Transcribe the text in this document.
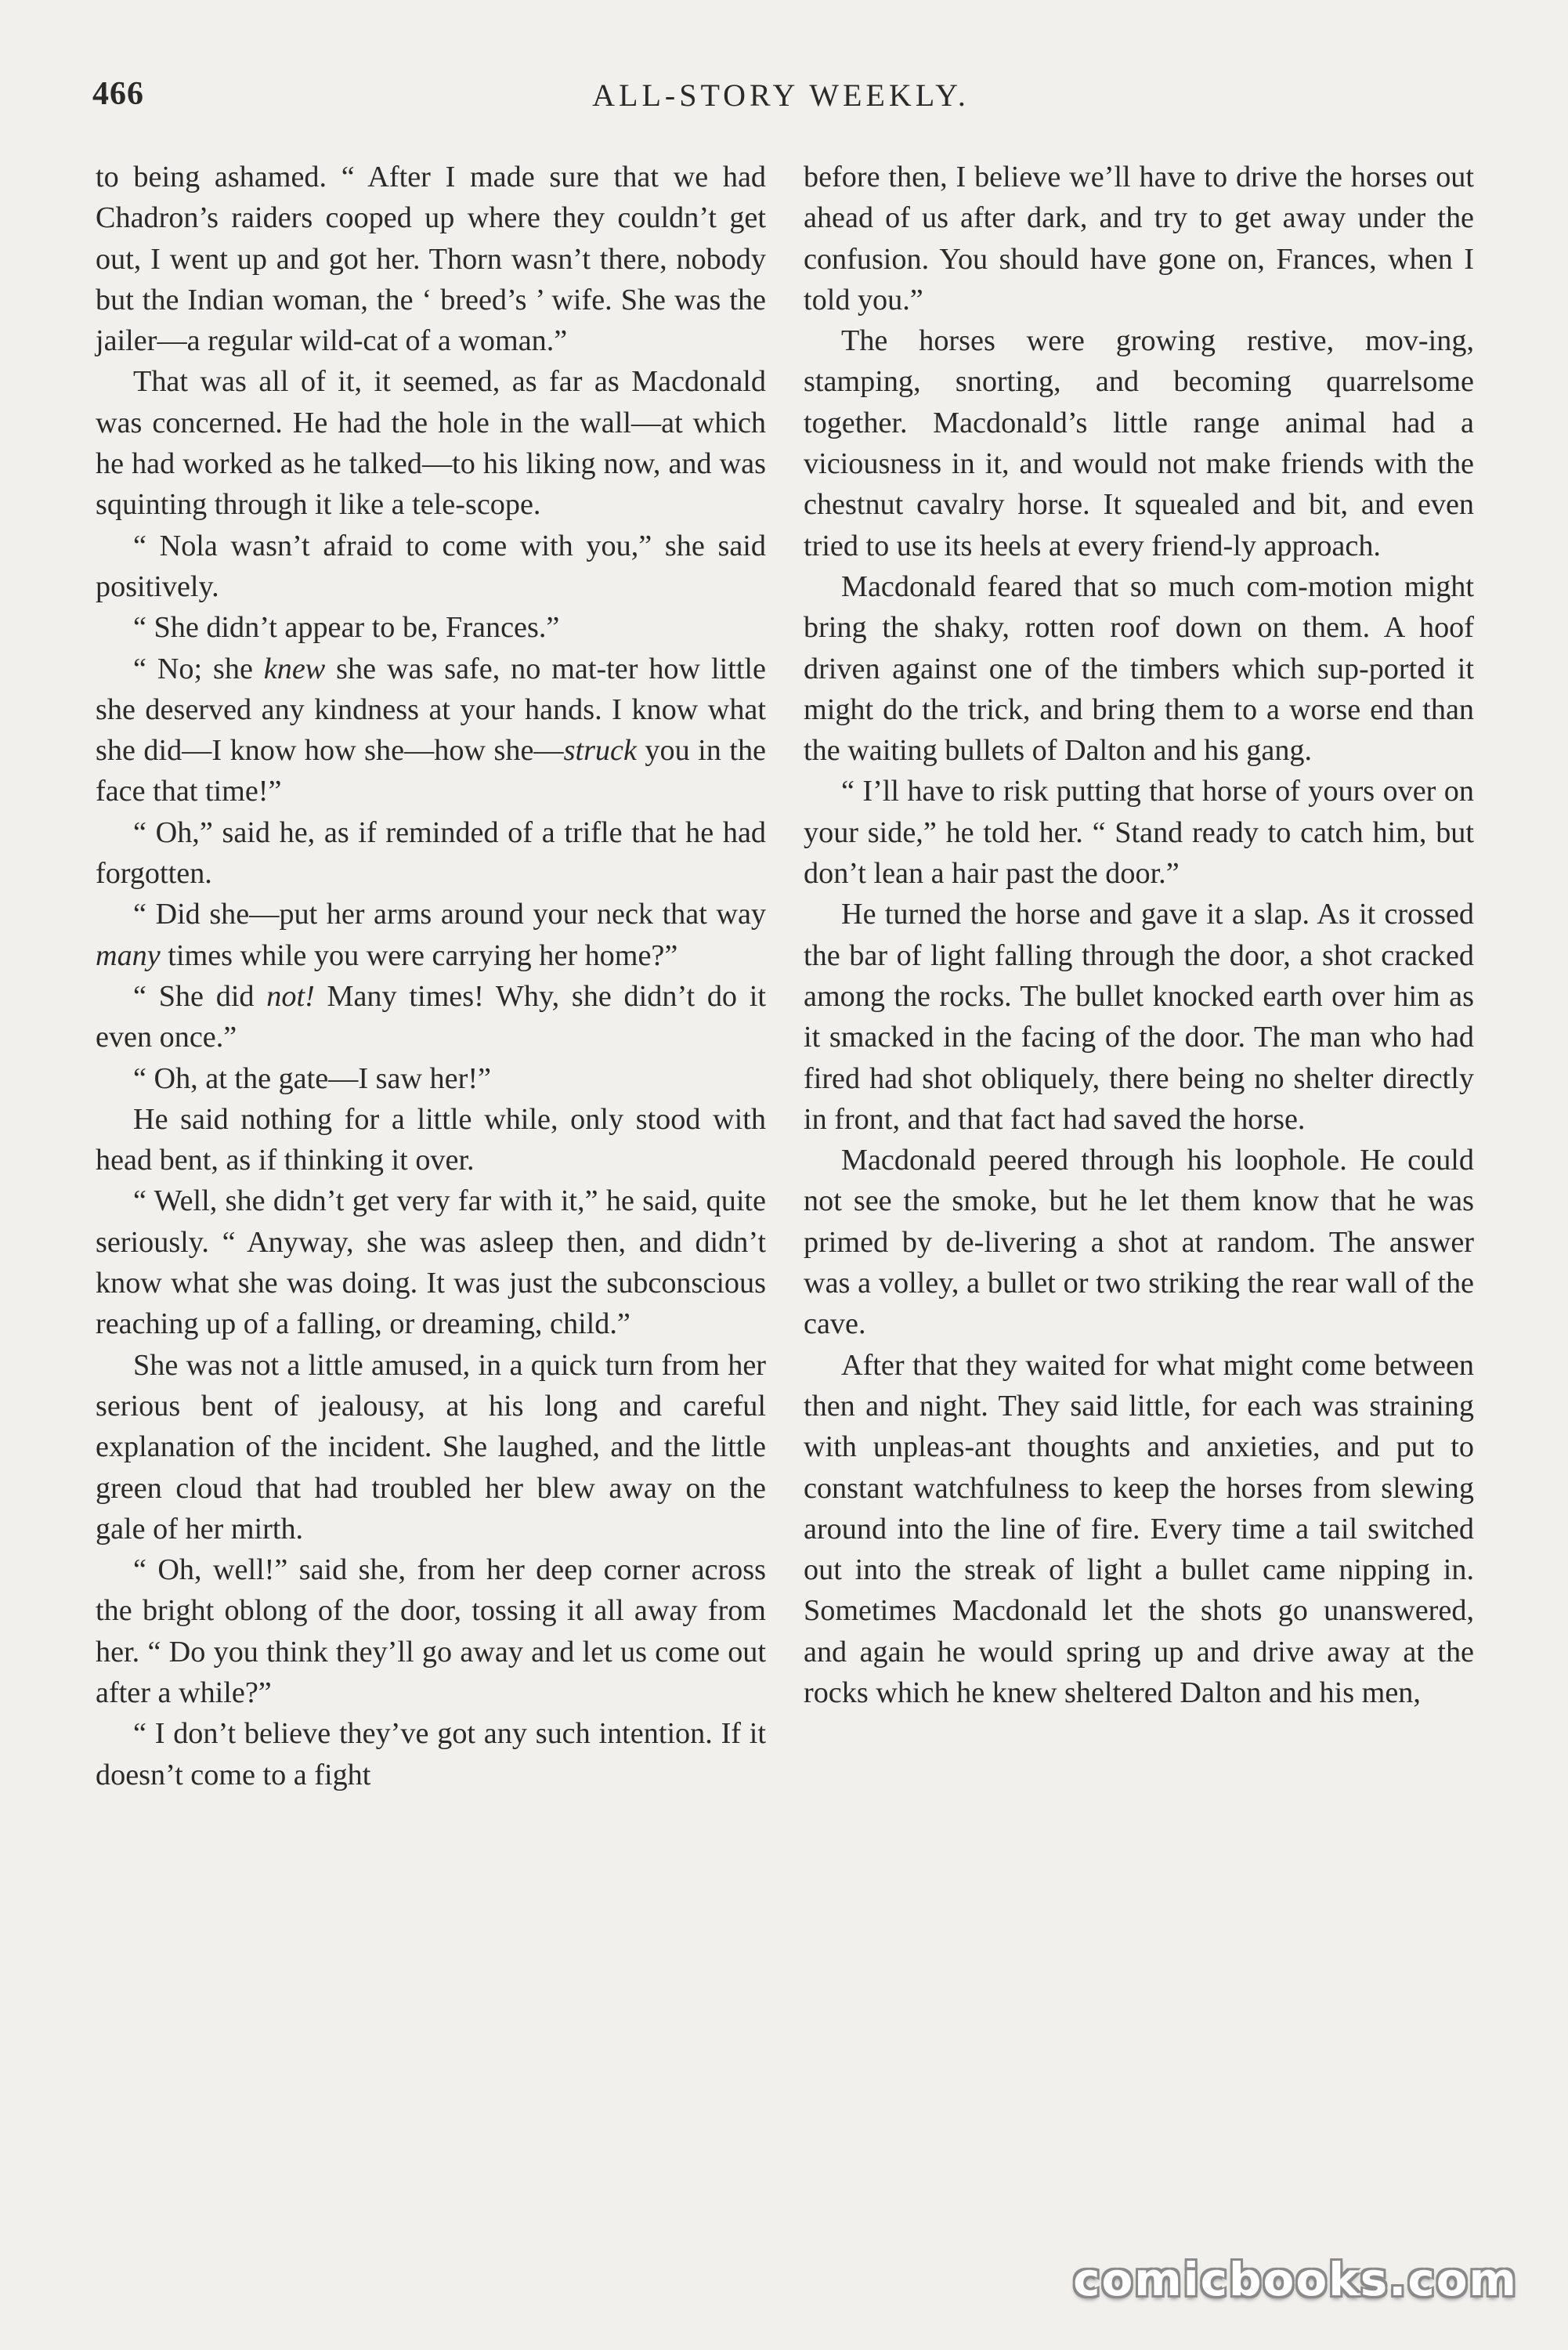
466	ALL-STORY WEEKLY.

to being ashamed. “ After I made sure that we had Chadron’s raiders cooped up where they couldn’t get out, I went up and got her. Thorn wasn’t there, nobody but the Indian woman, the ‘ breed’s ’ wife. She was the jailer—a regular wild-cat of a woman.”

That was all of it, it seemed, as far as Macdonald was concerned. He had the hole in the wall—at which he had worked as he talked—to his liking now, and was squinting through it like a tele-scope.

“ Nola wasn’t afraid to come with you,” she said positively.

“ She didn’t appear to be, Frances.”

“ No; she knew she was safe, no mat-ter how little she deserved any kindness at your hands. I know what she did—I know how she—how she—struck you in the face that time!”

“ Oh,” said he, as if reminded of a trifle that he had forgotten.

“ Did she—put her arms around your neck that way many times while you were carrying her home?”

“ She did not! Many times! Why, she didn’t do it even once.”

“ Oh, at the gate—I saw her!”

He said nothing for a little while, only stood with head bent, as if thinking it over.

“ Well, she didn’t get very far with it,” he said, quite seriously. “ Anyway, she was asleep then, and didn’t know what she was doing. It was just the subconscious reaching up of a falling, or dreaming, child.”

She was not a little amused, in a quick turn from her serious bent of jealousy, at his long and careful explanation of the incident. She laughed, and the little green cloud that had troubled her blew away on the gale of her mirth.

“ Oh, well!” said she, from her deep corner across the bright oblong of the door, tossing it all away from her. “ Do you think they’ll go away and let us come out after a while?”

“ I don’t believe they’ve got any such intention. If it doesn’t come to a fight

before then, I believe we’ll have to drive the horses out ahead of us after dark, and try to get away under the confusion. You should have gone on, Frances, when I told you.”

The horses were growing restive, mov-ing, stamping, snorting, and becoming quarrelsome together. Macdonald’s little range animal had a viciousness in it, and would not make friends with the chestnut cavalry horse. It squealed and bit, and even tried to use its heels at every friend-ly approach.

Macdonald feared that so much com-motion might bring the shaky, rotten roof down on them. A hoof driven against one of the timbers which sup-ported it might do the trick, and bring them to a worse end than the waiting bullets of Dalton and his gang.

“ I’ll have to risk putting that horse of yours over on your side,” he told her. “ Stand ready to catch him, but don’t lean a hair past the door.”

He turned the horse and gave it a slap. As it crossed the bar of light falling through the door, a shot cracked among the rocks. The bullet knocked earth over him as it smacked in the facing of the door. The man who had fired had shot obliquely, there being no shelter directly in front, and that fact had saved the horse.

Macdonald peered through his loophole. He could not see the smoke, but he let them know that he was primed by de-livering a shot at random. The answer was a volley, a bullet or two striking the rear wall of the cave.

After that they waited for what might come between then and night. They said little, for each was straining with unpleas-ant thoughts and anxieties, and put to constant watchfulness to keep the horses from slewing around into the line of fire. Every time a tail switched out into the streak of light a bullet came nipping in. Sometimes Macdonald let the shots go unanswered, and again he would spring up and drive away at the rocks which he knew sheltered Dalton and his men,

comicbooks.com
